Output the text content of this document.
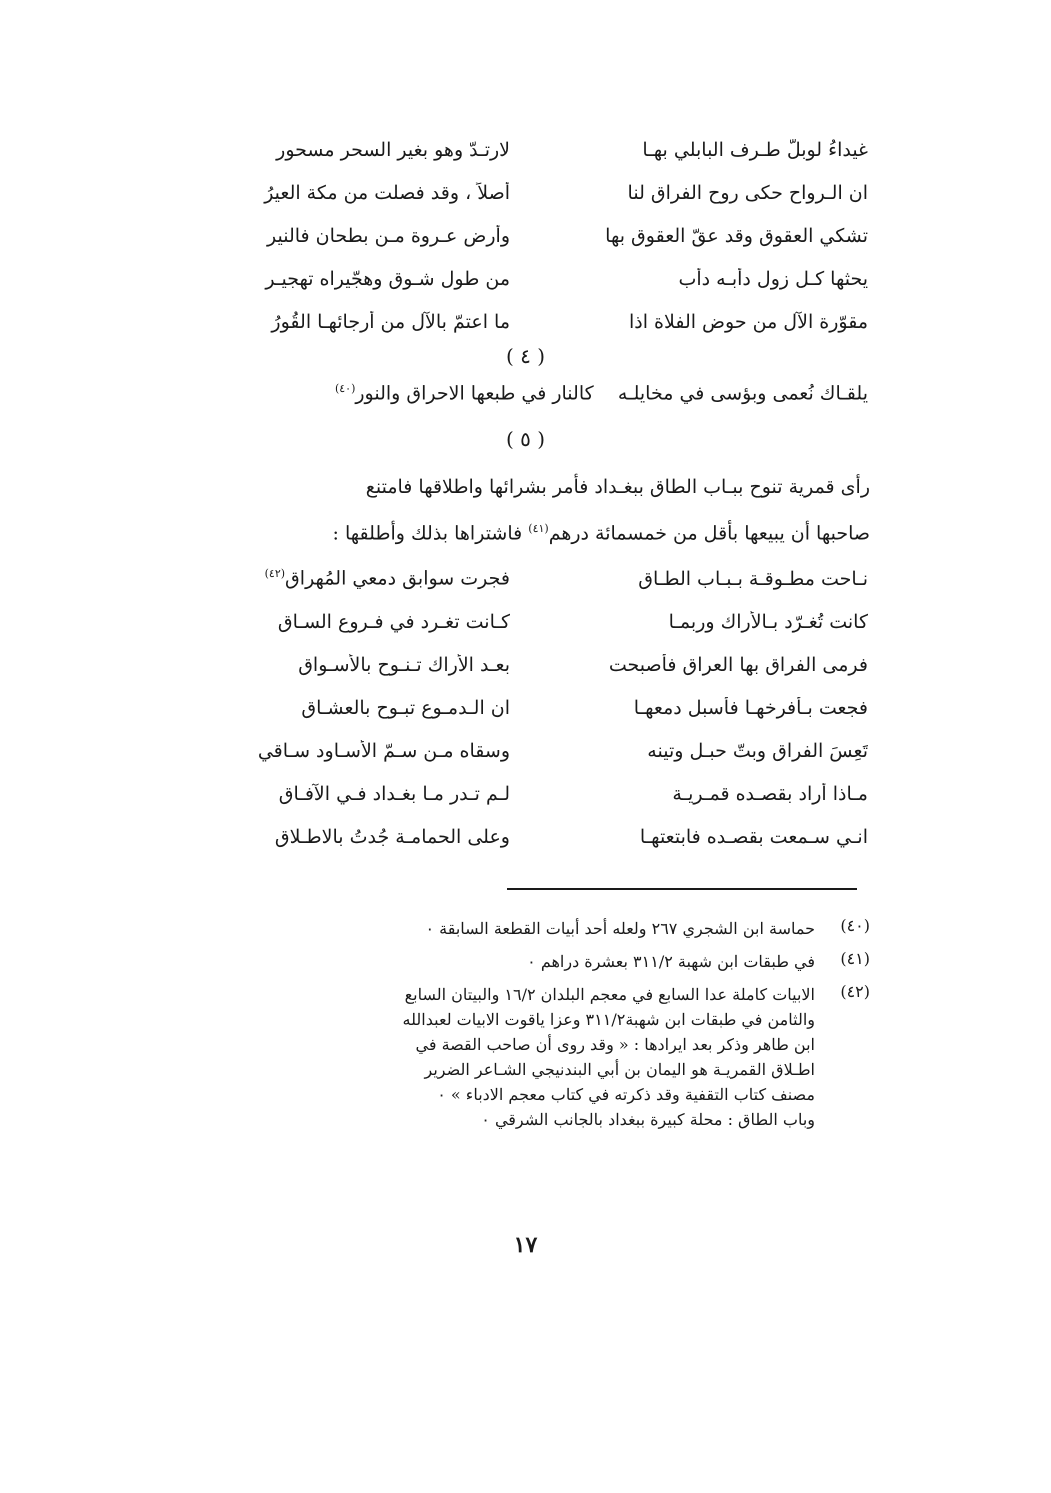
غيداءُ لوبلّ طـرف البابلي بهـا
لارتـدّ وهو بغير السحر مسحور
ان الـرواح حكى روح الفراق لنا
أصلاً ، وقد فصلت من مكة العيرُ
تشكي العقوق وقد عقّ العقوق بها
وأرض عـروة مـن بطحان فالنير
يحثها كـل زول دأبـه دأب
من طول شـوق وهجّيراه تهجيـر
مقوّرة الآل من حوض الفلاة اذا
ما اعتمّ بالآل من أرجائهـا القُورُ
( ٤ )
يلقـاك نُعمى وبؤسى في مخايلـه    كالنار في طبعها الاحراق والنور$^{(٤٠)}$
( ٥ )

رأى قمرية تنوح ببـاب الطاق ببغـداد فأمر بشرائها واطلاقها فامتنع

صاحبها أن يبيعها بأقل من خمسمائة درهم$^{(٤١)}$ فاشتراها بذلك وأطلقها :

نـاحت مطـوقـة بـبـاب الطـاق
فجرت سوابق دمعي المُهراق$^{(٤٢)}$
كانت تُغـرّد بـالأراك وربمـا
كـانت تغـرد في فـروع السـاق
فرمى الفراق بها العراق فأصبحت
بعـد الأراك تـنـوح بالأسـواق
فجعت بـأفرخهـا فأسبل دمعهـا
ان الـدمـوع تبـوح بالعشـاق
تَعِسَ الفراق وبتّ حبـل وتينه
وسقاه مـن سـمّ الأسـاود سـاقي
مـاذا أراد بقصـده قمـريـة
لـم تـدر مـا بغـداد فـي الآفـاق
انـي سـمعت بقصـده فابتعتهـا
وعلى الحمامـة جُدتُ بالاطـلاق
(٤٠)
حماسة ابن الشجري ٢٦٧ ولعله أحد أبيات القطعة السابقة ٠
(٤١)
في طبقات ابن شهبة ٣١١/٢ بعشرة دراهم ٠
(٤٢)
الابيات كاملة عدا السابع في معجم البلدان ١٦/٢ والبيتان السابع
والثامن في طبقات ابن شهبة٣١١/٢ وعزا ياقوت الابيات لعبدالله
ابن طاهر وذكر بعد ايرادها : « وقد روى أن صاحب القصة في
اطـلاق القمريـة هو اليمان بن أبي البندنيجي الشـاعر الضرير
مصنف كتاب التقفية وقد ذكرته في كتاب معجم الادباء » ٠
وباب الطاق : محلة كبيرة ببغداد بالجانب الشرقي ٠
١٧
